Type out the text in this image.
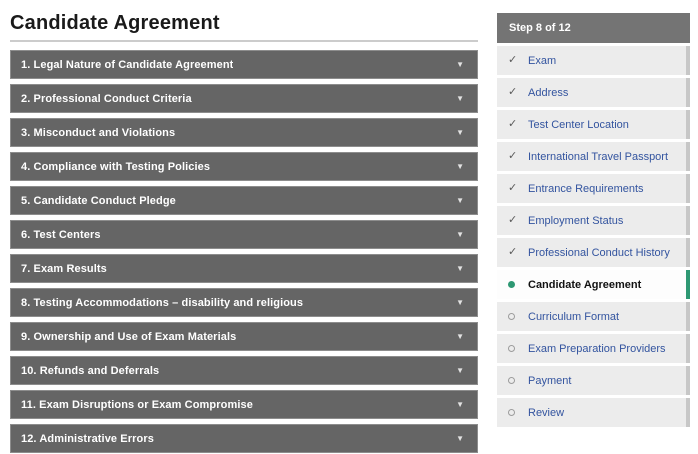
Candidate Agreement
1. Legal Nature of Candidate Agreement	▼
2. Professional Conduct Criteria	▼
3. Misconduct and Violations	▼
4. Compliance with Testing Policies	▼
5. Candidate Conduct Pledge	▼
6. Test Centers	▼
7. Exam Results	▼
8. Testing Accommodations – disability and religious	▼
9. Ownership and Use of Exam Materials	▼
10. Refunds and Deferrals	▼
11. Exam Disruptions or Exam Compromise	▼
12. Administrative Errors	▼
Step 8 of 12
✓ Exam
✓ Address
✓ Test Center Location
✓ International Travel Passport
✓ Entrance Requirements
✓ Employment Status
✓ Professional Conduct History
Candidate Agreement
Curriculum Format
Exam Preparation Providers
Payment
Review
